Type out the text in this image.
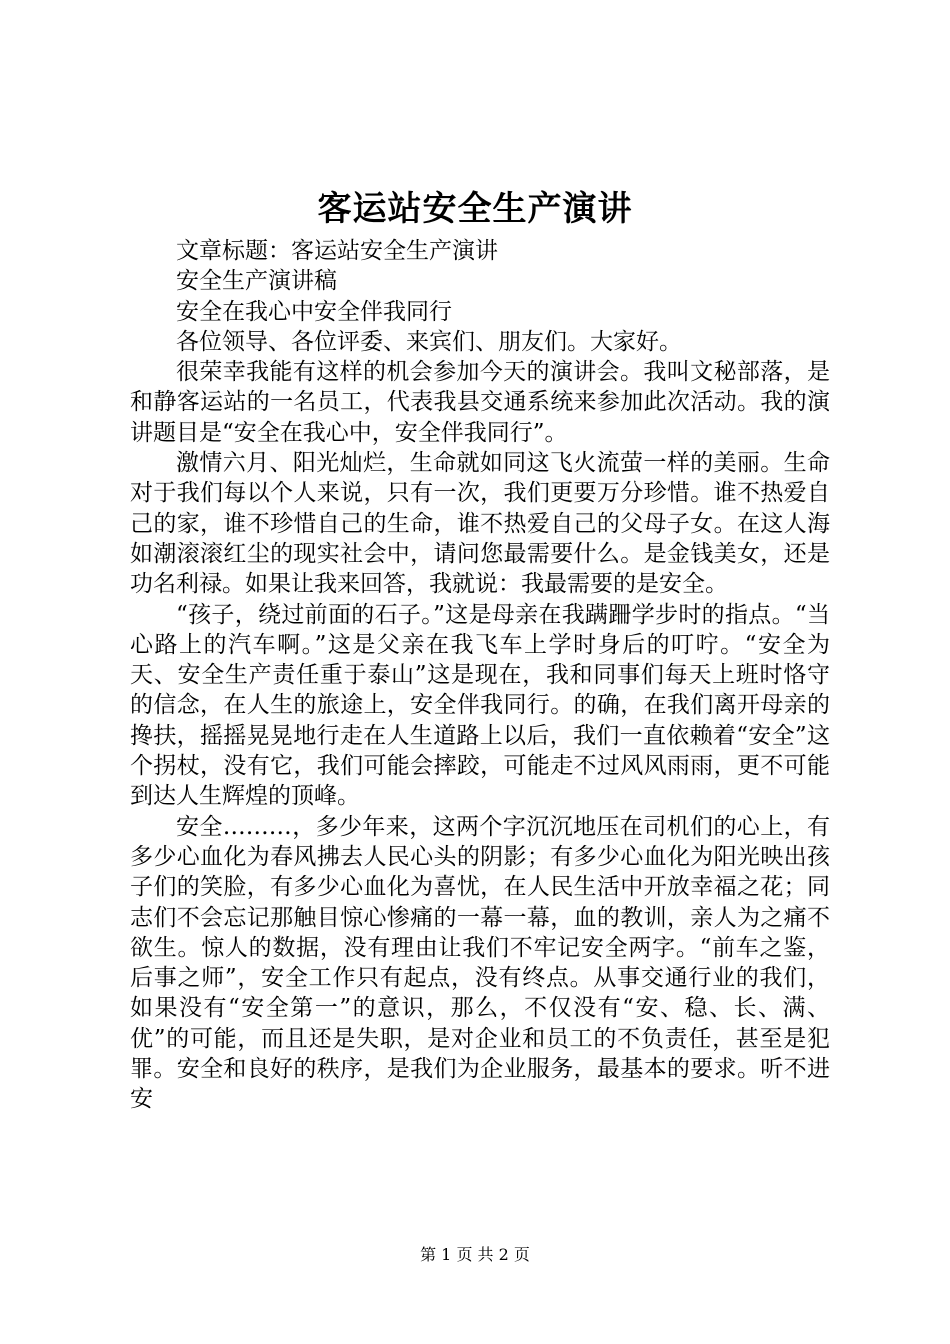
客运站安全生产演讲

文章标题：客运站安全生产演讲

安全生产演讲稿

安全在我心中安全伴我同行

各位领导、各位评委、来宾们、朋友们。大家好。

很荣幸我能有这样的机会参加今天的演讲会。我叫文秘部落，是和静客运站的一名员工，代表我县交通系统来参加此次活动。我的演讲题目是“安全在我心中，安全伴我同行”。

激情六月、阳光灿烂，生命就如同这飞火流萤一样的美丽。生命对于我们每以个人来说，只有一次，我们更要万分珍惜。谁不热爱自己的家，谁不珍惜自己的生命，谁不热爱自己的父母子女。在这人海如潮滚滚红尘的现实社会中，请问您最需要什么。是金钱美女，还是功名利禄。如果让我来回答，我就说：我最需要的是安全。

“孩子，绕过前面的石子。”这是母亲在我蹒跚学步时的指点。“当心路上的汽车啊。”这是父亲在我飞车上学时身后的叮咛。“安全为天、安全生产责任重于泰山”这是现在，我和同事们每天上班时恪守的信念，在人生的旅途上，安全伴我同行。的确，在我们离开母亲的搀扶，摇摇晃晃地行走在人生道路上以后，我们一直依赖着“安全”这个拐杖，没有它，我们可能会摔跤，可能走不过风风雨雨，更不可能到达人生辉煌的顶峰。

安全………，多少年来，这两个字沉沉地压在司机们的心上，有多少心血化为春风拂去人民心头的阴影；有多少心血化为阳光映出孩子们的笑脸，有多少心血化为喜忧，在人民生活中开放幸福之花；同志们不会忘记那触目惊心惨痛的一幕一幕，血的教训，亲人为之痛不欲生。惊人的数据，没有理由让我们不牢记安全两字。“前车之鉴，后事之师”，安全工作只有起点，没有终点。从事交通行业的我们，如果没有“安全第一”的意识，那么，不仅没有“安、稳、长、满、优”的可能，而且还是失职，是对企业和员工的不负责任，甚至是犯罪。安全和良好的秩序，是我们为企业服务，最基本的要求。听不进安

第 1 页 共 2 页
